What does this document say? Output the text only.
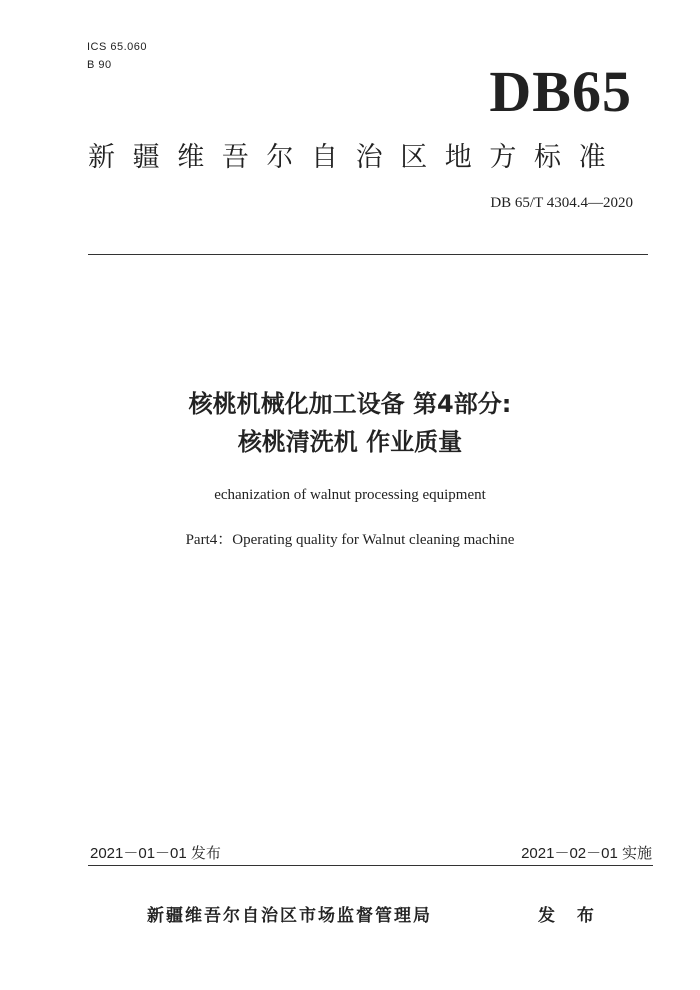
ICS 65.060
B 90	DB65
新疆维吾尔自治区地方标准
DB 65/T 4304.4—2020
核桃机械化加工设备 第4部分:
核桃清洗机 作业质量
echanization of walnut processing equipment
Part4：Operating quality for Walnut cleaning machine
2021－01－01 发布	2021－02－01 实施
新疆维吾尔自治区市场监督管理局	发 布
